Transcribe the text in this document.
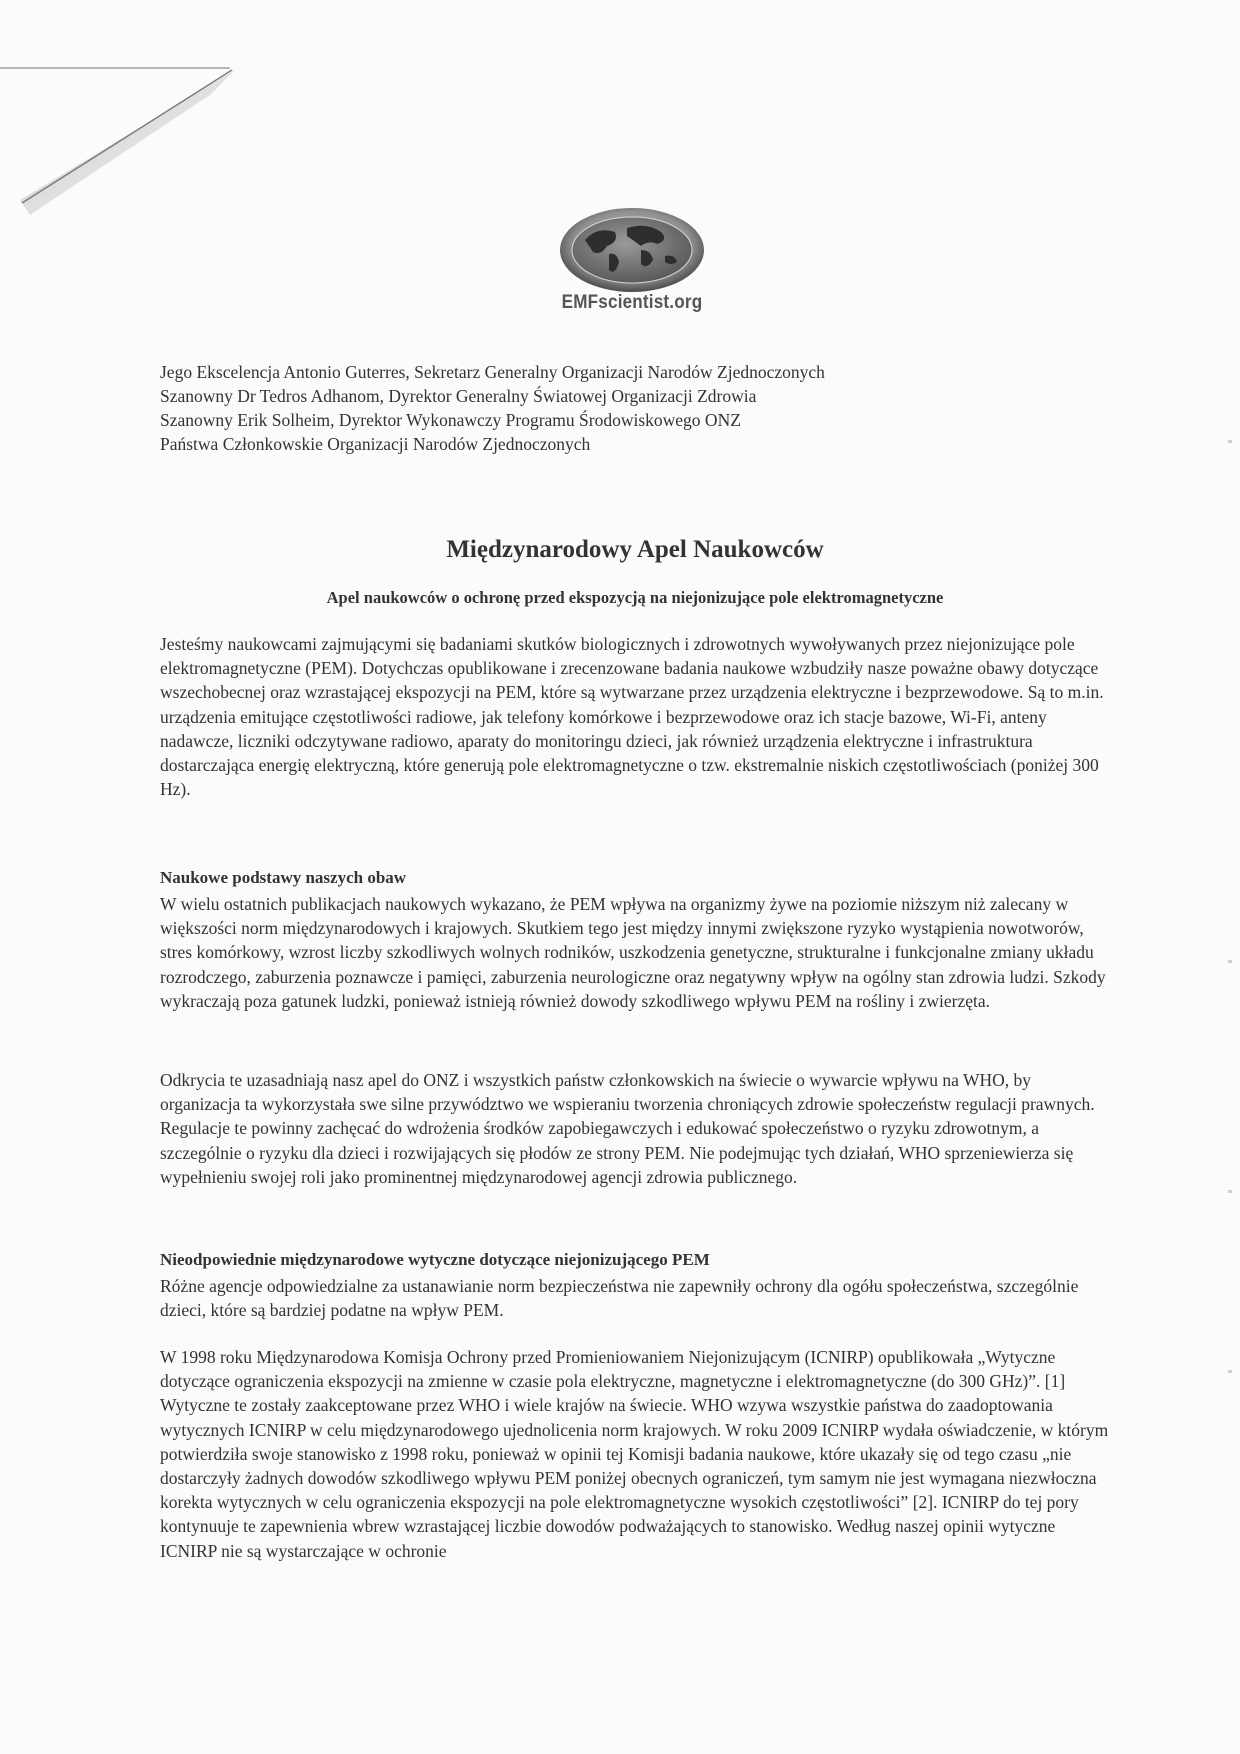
EMFscientist.org
Jego Ekscelencja Antonio Guterres, Sekretarz Generalny Organizacji Narodów Zjednoczonych
Szanowny Dr Tedros Adhanom, Dyrektor Generalny Światowej Organizacji Zdrowia
Szanowny Erik Solheim, Dyrektor Wykonawczy Programu Środowiskowego ONZ
Państwa Członkowskie Organizacji Narodów Zjednoczonych
Międzynarodowy Apel Naukowców
Apel naukowców o ochronę przed ekspozycją na niejonizujące pole elektromagnetyczne
Jesteśmy naukowcami zajmującymi się badaniami skutków biologicznych i zdrowotnych wywoływanych przez niejonizujące pole elektromagnetyczne (PEM). Dotychczas opublikowane i zrecenzowane badania naukowe wzbudziły nasze poważne obawy dotyczące wszechobecnej oraz wzrastającej ekspozycji na PEM, które są wytwarzane przez urządzenia elektryczne i bezprzewodowe. Są to m.in. urządzenia emitujące częstotliwości radiowe, jak telefony komórkowe i bezprzewodowe oraz ich stacje bazowe, Wi-Fi, anteny nadawcze, liczniki odczytywane radiowo, aparaty do monitoringu dzieci, jak również urządzenia elektryczne i infrastruktura dostarczająca energię elektryczną, które generują pole elektromagnetyczne o tzw. ekstremalnie niskich częstotliwościach (poniżej 300 Hz).
Naukowe podstawy naszych obaw
W wielu ostatnich publikacjach naukowych wykazano, że PEM wpływa na organizmy żywe na poziomie niższym niż zalecany w większości norm międzynarodowych i krajowych. Skutkiem tego jest między innymi zwiększone ryzyko wystąpienia nowotworów, stres komórkowy, wzrost liczby szkodliwych wolnych rodników, uszkodzenia genetyczne, strukturalne i funkcjonalne zmiany układu rozrodczego, zaburzenia poznawcze i pamięci, zaburzenia neurologiczne oraz negatywny wpływ na ogólny stan zdrowia ludzi. Szkody wykraczają poza gatunek ludzki, ponieważ istnieją również dowody szkodliwego wpływu PEM na rośliny i zwierzęta.
Odkrycia te uzasadniają nasz apel do ONZ i wszystkich państw członkowskich na świecie o wywarcie wpływu na WHO, by organizacja ta wykorzystała swe silne przywództwo we wspieraniu tworzenia chroniących zdrowie społeczeństw regulacji prawnych. Regulacje te powinny zachęcać do wdrożenia środków zapobiegawczych i edukować społeczeństwo o ryzyku zdrowotnym, a szczególnie o ryzyku dla dzieci i rozwijających się płodów ze strony PEM. Nie podejmując tych działań, WHO sprzeniewierza się wypełnieniu swojej roli jako prominentnej międzynarodowej agencji zdrowia publicznego.
Nieodpowiednie międzynarodowe wytyczne dotyczące niejonizującego PEM
Różne agencje odpowiedzialne za ustanawianie norm bezpieczeństwa nie zapewniły ochrony dla ogółu społeczeństwa, szczególnie dzieci, które są bardziej podatne na wpływ PEM.
W 1998 roku Międzynarodowa Komisja Ochrony przed Promieniowaniem Niejonizującym (ICNIRP) opublikowała „Wytyczne dotyczące ograniczenia ekspozycji na zmienne w czasie pola elektryczne, magnetyczne i elektromagnetyczne (do 300 GHz)”. [1] Wytyczne te zostały zaakceptowane przez WHO i wiele krajów na świecie. WHO wzywa wszystkie państwa do zaadoptowania wytycznych ICNIRP w celu międzynarodowego ujednolicenia norm krajowych. W roku 2009 ICNIRP wydała oświadczenie, w którym potwierdziła swoje stanowisko z 1998 roku, ponieważ w opinii tej Komisji badania naukowe, które ukazały się od tego czasu „nie dostarczyły żadnych dowodów szkodliwego wpływu PEM poniżej obecnych ograniczeń, tym samym nie jest wymagana niezwłoczna korekta wytycznych w celu ograniczenia ekspozycji na pole elektromagnetyczne wysokich częstotliwości” [2]. ICNIRP do tej pory kontynuuje te zapewnienia wbrew wzrastającej liczbie dowodów podważających to stanowisko. Według naszej opinii wytyczne ICNIRP nie są wystarczające w ochronie
